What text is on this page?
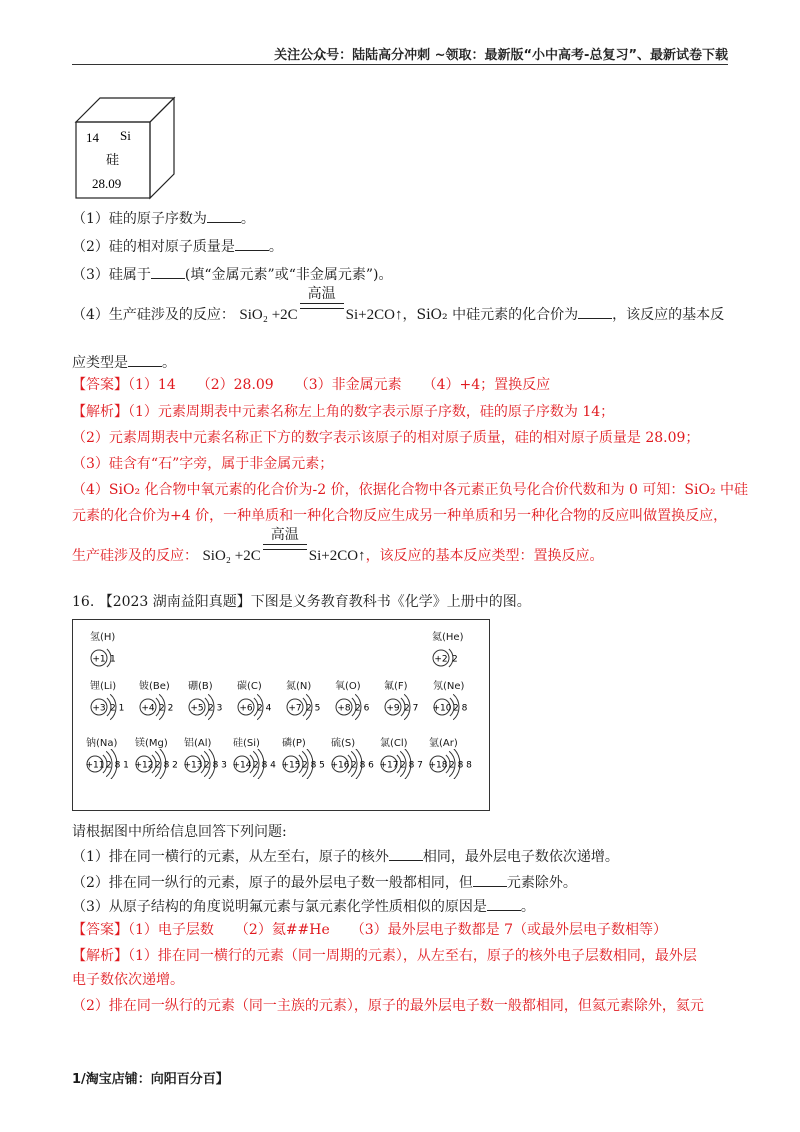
关注公众号：陆陆高分冲刺 ~领取：最新版“小中高考-总复习”、最新试卷下载
14 Si
硅
28.09
（1）硅的原子序数为 。
（2）硅的相对原子质量是 。
（3）硅属于 (填“金属元素”或“非金属元素”)。
（4）生产硅涉及的反应： SiO₂ +2C
高温
Si+2CO↑，SiO₂ 中硅元素的化合价为 ，该反应的基本反
应类型是 。
【答案】（1）14　　（2）28.09　　（3）非金属元素　　（4）+4；置换反应
【解析】（1）元素周期表中元素名称左上角的数字表示原子序数，硅的原子序数为 14；
（2）元素周期表中元素名称正下方的数字表示该原子的相对原子质量，硅的相对原子质量是 28.09；
（3）硅含有“石”字旁，属于非金属元素；
（4）SiO₂ 化合物中氧元素的化合价为-2 价，依据化合物中各元素正负号化合价代数和为 0 可知：SiO₂ 中硅
元素的化合价为+4 价，一种单质和一种化合物反应生成另一种单质和另一种化合物的反应叫做置换反应，
生产硅涉及的反应： SiO₂ +2C
高温
Si+2CO↑，该反应的基本反应类型：置换反应。
16. 【2023 湖南益阳真题】下图是义务教育教科书《化学》上册中的图。
氢(H)
+1 1
氦(He)
+2 2
锂(Li)
+3 2 1
铍(Be)
+4 2 2
硼(B)
+5 2 3
碳(C)
+6 2 4
氮(N)
+7 2 5
氧(O)
+8 2 6
氟(F)
+9 2 7
氖(Ne)
+10 2 8
钠(Na)
+11 2 8 1
镁(Mg)
+12 2 8 2
铝(Al)
+13 2 8 3
硅(Si)
+14 2 8 4
磷(P)
+15 2 8 5
硫(S)
+16 2 8 6
氯(Cl)
+17 2 8 7
氩(Ar)
+18 2 8 8
请根据图中所给信息回答下列问题:
（1）排在同一横行的元素，从左至右，原子的核外 相同，最外层电子数依次递增。
（2）排在同一纵行的元素，原子的最外层电子数一般都相同，但 元素除外。
（3）从原子结构的角度说明氟元素与氯元素化学性质相似的原因是 。
【答案】（1）电子层数　　（2）氦##He　　（3）最外层电子数都是 7（或最外层电子数相等）
【解析】（1）排在同一横行的元素（同一周期的元素），从左至右，原子的核外电子层数相同，最外层
电子数依次递增。
（2）排在同一纵行的元素（同一主族的元素），原子的最外层电子数一般都相同，但氦元素除外，氦元
1/淘宝店铺：向阳百分百】
